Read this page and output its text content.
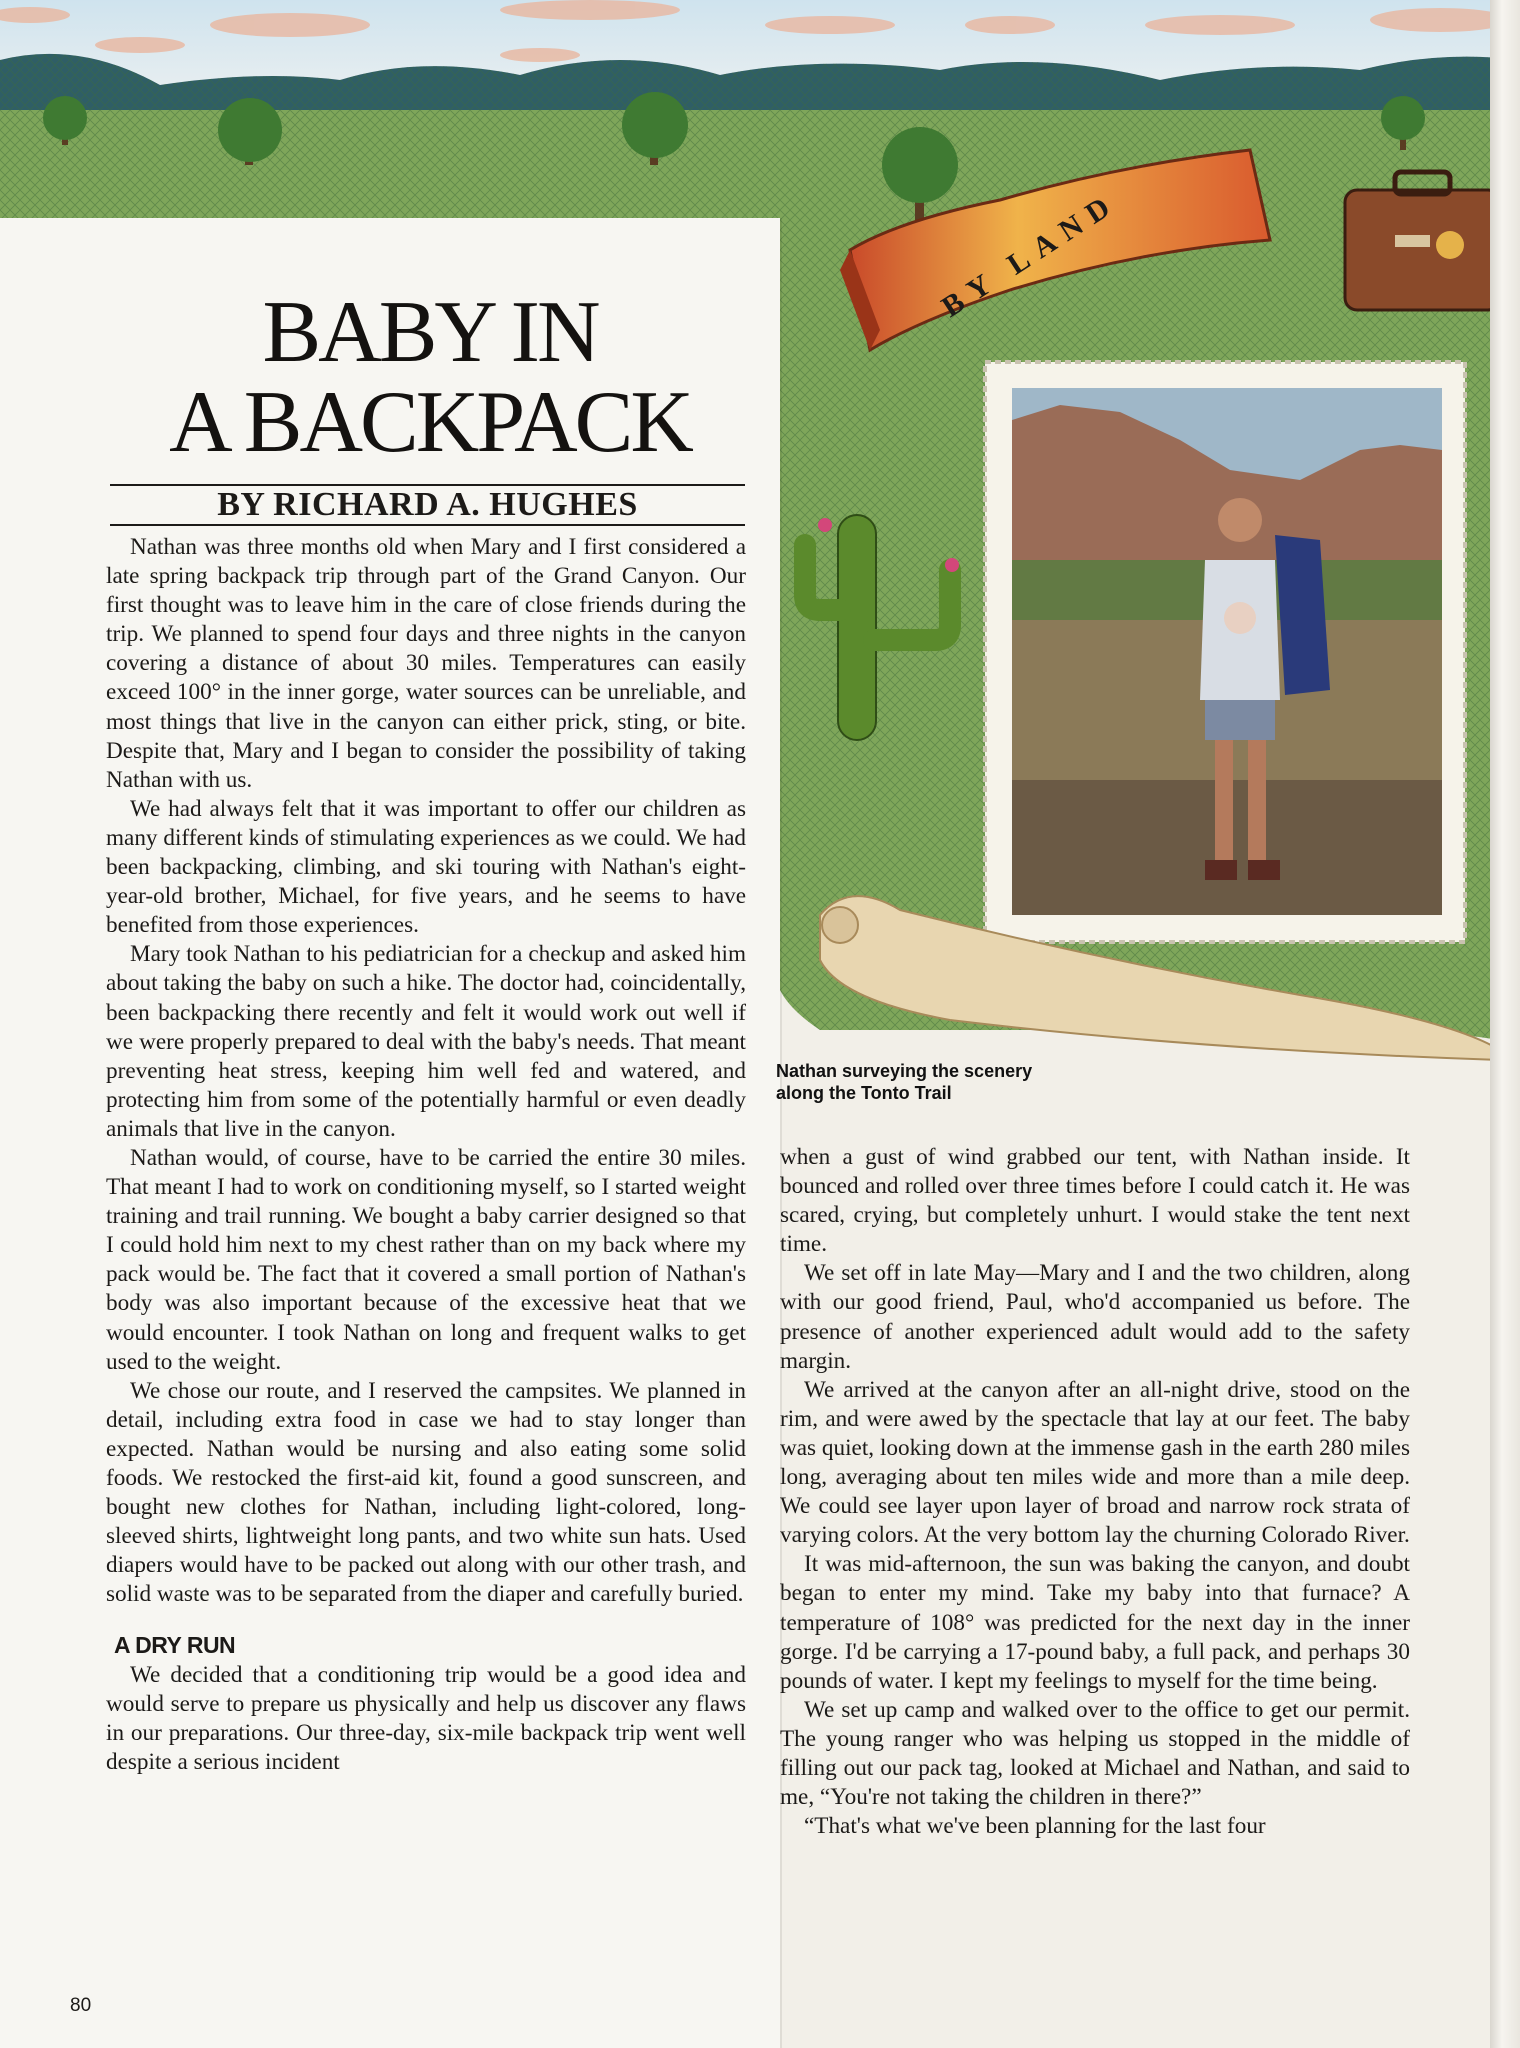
BABY IN
A BACKPACK
BY RICHARD A. HUGHES
BY LAND
Nathan surveying the scenery along the Tonto Trail

Nathan was three months old when Mary and I first considered a late spring backpack trip through part of the Grand Canyon. Our first thought was to leave him in the care of close friends during the trip. We planned to spend four days and three nights in the canyon covering a distance of about 30 miles. Temperatures can easily exceed 100° in the inner gorge, water sources can be unreliable, and most things that live in the canyon can either prick, sting, or bite. Despite that, Mary and I began to consider the possibility of taking Nathan with us.

We had always felt that it was important to offer our children as many different kinds of stimulating experiences as we could. We had been backpacking, climbing, and ski touring with Nathan's eight-year-old brother, Michael, for five years, and he seems to have benefited from those experiences.

Mary took Nathan to his pediatrician for a checkup and asked him about taking the baby on such a hike. The doctor had, coincidentally, been backpacking there recently and felt it would work out well if we were properly prepared to deal with the baby's needs. That meant preventing heat stress, keeping him well fed and watered, and protecting him from some of the potentially harmful or even deadly animals that live in the canyon.

Nathan would, of course, have to be carried the entire 30 miles. That meant I had to work on conditioning myself, so I started weight training and trail running. We bought a baby carrier designed so that I could hold him next to my chest rather than on my back where my pack would be. The fact that it covered a small portion of Nathan's body was also important because of the excessive heat that we would encounter. I took Nathan on long and frequent walks to get used to the weight.

We chose our route, and I reserved the campsites. We planned in detail, including extra food in case we had to stay longer than expected. Nathan would be nursing and also eating some solid foods. We restocked the first-aid kit, found a good sunscreen, and bought new clothes for Nathan, including light-colored, long-sleeved shirts, lightweight long pants, and two white sun hats. Used diapers would have to be packed out along with our other trash, and solid waste was to be separated from the diaper and carefully buried.

A DRY RUN

We decided that a conditioning trip would be a good idea and would serve to prepare us physically and help us discover any flaws in our preparations. Our three-day, six-mile backpack trip went well despite a serious incident

when a gust of wind grabbed our tent, with Nathan inside. It bounced and rolled over three times before I could catch it. He was scared, crying, but completely unhurt. I would stake the tent next time.

We set off in late May—Mary and I and the two children, along with our good friend, Paul, who'd accompanied us before. The presence of another experienced adult would add to the safety margin.

We arrived at the canyon after an all-night drive, stood on the rim, and were awed by the spectacle that lay at our feet. The baby was quiet, looking down at the immense gash in the earth 280 miles long, averaging about ten miles wide and more than a mile deep. We could see layer upon layer of broad and narrow rock strata of varying colors. At the very bottom lay the churning Colorado River.

It was mid-afternoon, the sun was baking the canyon, and doubt began to enter my mind. Take my baby into that furnace? A temperature of 108° was predicted for the next day in the inner gorge. I'd be carrying a 17-pound baby, a full pack, and perhaps 30 pounds of water. I kept my feelings to myself for the time being.

We set up camp and walked over to the office to get our permit. The young ranger who was helping us stopped in the middle of filling out our pack tag, looked at Michael and Nathan, and said to me, “You're not taking the children in there?”

“That's what we've been planning for the last four

80
